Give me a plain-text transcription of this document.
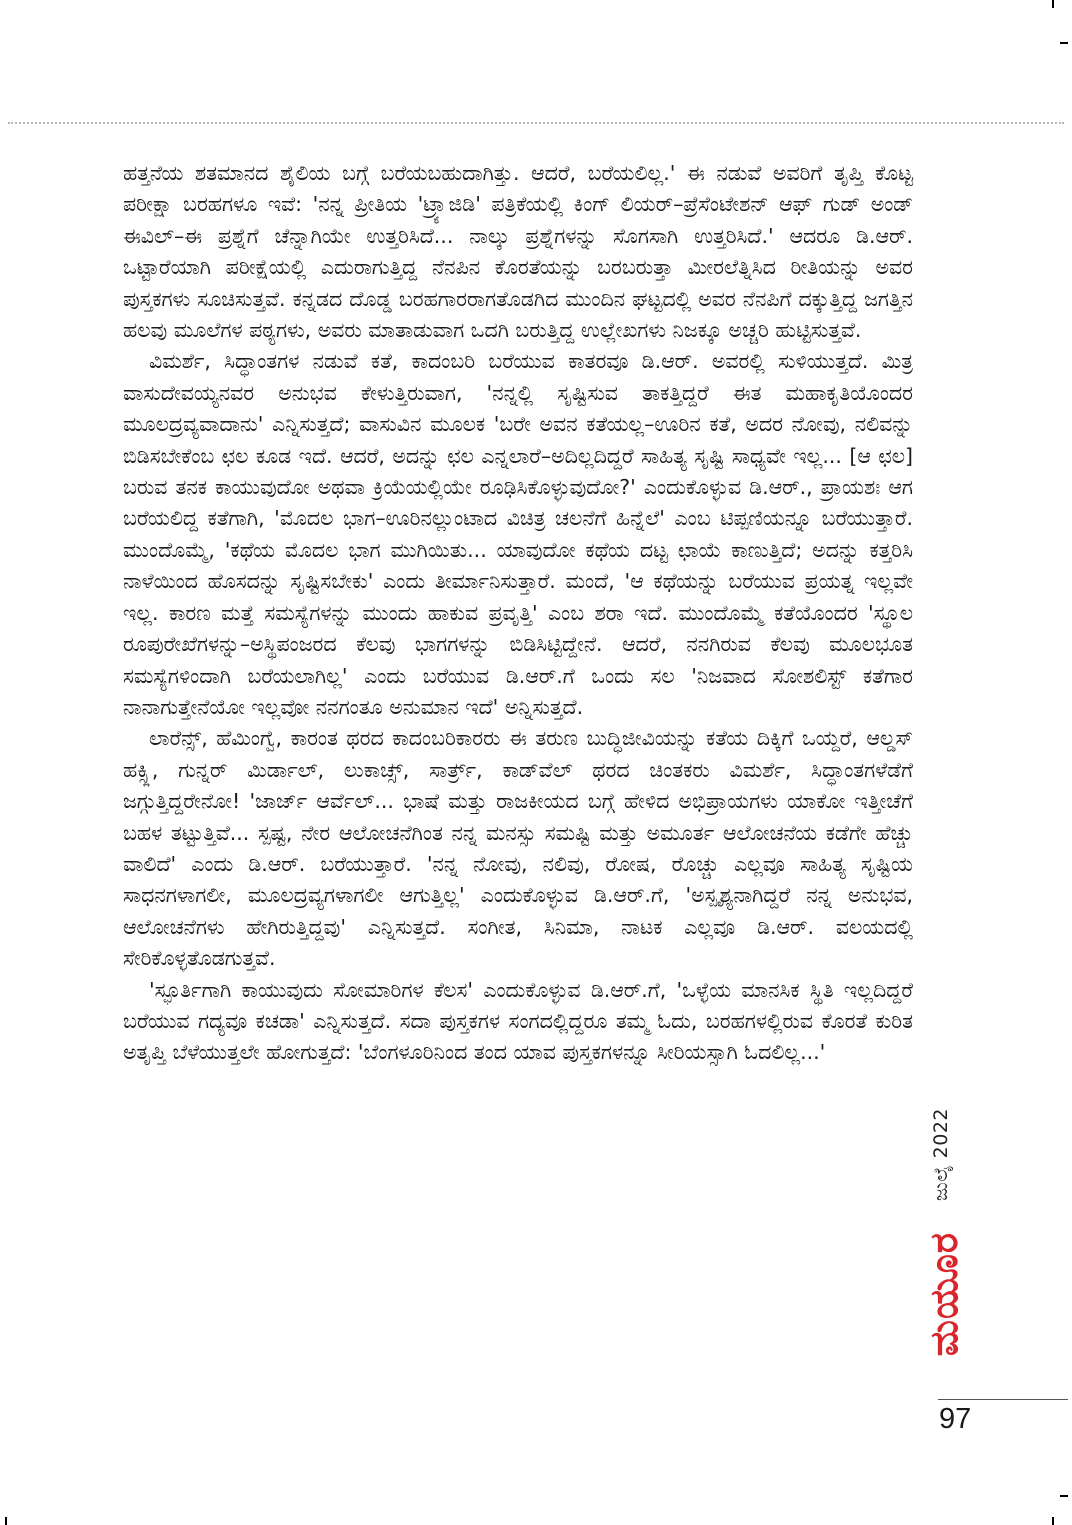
ಹತ್ತನೆಯ ಶತಮಾನದ ಶೈಲಿಯ ಬಗ್ಗೆ ಬರೆಯಬಹುದಾಗಿತ್ತು. ಆದರೆ, ಬರೆಯಲಿಲ್ಲ.' ಈ ನಡುವೆ ಅವರಿಗೆ ತೃಪ್ತಿ ಕೊಟ್ಟ ಪರೀಕ್ಷಾ ಬರಹಗಳೂ ಇವೆ: 'ನನ್ನ ಪ್ರೀತಿಯ 'ಟ್ರ್ಯಾಜಿಡಿ' ಪತ್ರಿಕೆಯಲ್ಲಿ ಕಿಂಗ್ ಲಿಯರ್–ಪ್ರೆಸೆಂಟೇಶನ್ ಆಫ್ ಗುಡ್ ಅಂಡ್ ಈವಿಲ್–ಈ ಪ್ರಶ್ನೆಗೆ ಚೆನ್ನಾಗಿಯೇ ಉತ್ತರಿಸಿದೆ... ನಾಲ್ಕು ಪ್ರಶ್ನೆಗಳನ್ನು ಸೊಗಸಾಗಿ ಉತ್ತರಿಸಿದೆ.' ಆದರೂ ಡಿ.ಆರ್. ಒಟ್ಟಾರೆಯಾಗಿ ಪರೀಕ್ಷೆಯಲ್ಲಿ ಎದುರಾಗುತ್ತಿದ್ದ ನೆನಪಿನ ಕೊರತೆಯನ್ನು ಬರಬರುತ್ತಾ ಮೀರಲೆತ್ನಿಸಿದ ರೀತಿಯನ್ನು ಅವರ ಪುಸ್ತಕಗಳು ಸೂಚಿಸುತ್ತವೆ. ಕನ್ನಡದ ದೊಡ್ಡ ಬರಹಗಾರರಾಗತೊಡಗಿದ ಮುಂದಿನ ಘಟ್ಟದಲ್ಲಿ ಅವರ ನೆನಪಿಗೆ ದಕ್ಕುತ್ತಿದ್ದ ಜಗತ್ತಿನ ಹಲವು ಮೂಲೆಗಳ ಪಠ್ಯಗಳು, ಅವರು ಮಾತಾಡುವಾಗ ಒದಗಿ ಬರುತ್ತಿದ್ದ ಉಲ್ಲೇಖಗಳು ನಿಜಕ್ಕೂ ಅಚ್ಚರಿ ಹುಟ್ಟಿಸುತ್ತವೆ.

ವಿಮರ್ಶೆ, ಸಿದ್ಧಾಂತಗಳ ನಡುವೆ ಕತೆ, ಕಾದಂಬರಿ ಬರೆಯುವ ಕಾತರವೂ ಡಿ.ಆರ್. ಅವರಲ್ಲಿ ಸುಳಿಯುತ್ತದೆ. ಮಿತ್ರ ವಾಸುದೇವಯ್ಯನವರ ಅನುಭವ ಕೇಳುತ್ತಿರುವಾಗ, 'ನನ್ನಲ್ಲಿ ಸೃಷ್ಟಿಸುವ ತಾಕತ್ತಿದ್ದರೆ ಈತ ಮಹಾಕೃತಿಯೊಂದರ ಮೂಲದ್ರವ್ಯವಾದಾನು' ಎನ್ನಿಸುತ್ತದೆ; ವಾಸುವಿನ ಮೂಲಕ 'ಬರೇ ಅವನ ಕತೆಯಲ್ಲ–ಊರಿನ ಕತೆ, ಅದರ ನೋವು, ನಲಿವನ್ನು ಬಿಡಿಸಬೇಕೆಂಬ ಛಲ ಕೂಡ ಇದೆ. ಆದರೆ, ಅದನ್ನು ಛಲ ಎನ್ನಲಾರೆ–ಅದಿಲ್ಲದಿದ್ದರೆ ಸಾಹಿತ್ಯ ಸೃಷ್ಟಿ ಸಾಧ್ಯವೇ ಇಲ್ಲ... [ಆ ಛಲ] ಬರುವ ತನಕ ಕಾಯುವುದೋ ಅಥವಾ ಕ್ರಿಯೆಯಲ್ಲಿಯೇ ರೂಢಿಸಿಕೊಳ್ಳುವುದೋ?' ಎಂದುಕೊಳ್ಳುವ ಡಿ.ಆರ್., ಪ್ರಾಯಶಃ ಆಗ ಬರೆಯಲಿದ್ದ ಕತೆಗಾಗಿ, 'ಮೊದಲ ಭಾಗ–ಊರಿನಲ್ಲುಂಟಾದ ವಿಚಿತ್ರ ಚಲನೆಗೆ ಹಿನ್ನೆಲೆ' ಎಂಬ ಟಿಪ್ಪಣಿಯನ್ನೂ ಬರೆಯುತ್ತಾರೆ. ಮುಂದೊಮ್ಮೆ, 'ಕಥೆಯ ಮೊದಲ ಭಾಗ ಮುಗಿಯಿತು... ಯಾವುದೋ ಕಥೆಯ ದಟ್ಟ ಛಾಯೆ ಕಾಣುತ್ತಿದೆ; ಅದನ್ನು ಕತ್ತರಿಸಿ ನಾಳೆಯಿಂದ ಹೊಸದನ್ನು ಸೃಷ್ಟಿಸಬೇಕು' ಎಂದು ತೀರ್ಮಾನಿಸುತ್ತಾರೆ. ಮಂದೆ, 'ಆ ಕಥೆಯನ್ನು ಬರೆಯುವ ಪ್ರಯತ್ನ ಇಲ್ಲವೇ ಇಲ್ಲ. ಕಾರಣ ಮತ್ತೆ ಸಮಸ್ಯೆಗಳನ್ನು ಮುಂದು ಹಾಕುವ ಪ್ರವೃತ್ತಿ' ಎಂಬ ಶರಾ ಇದೆ. ಮುಂದೊಮ್ಮೆ ಕತೆಯೊಂದರ 'ಸ್ಥೂಲ ರೂಪುರೇಖೆಗಳನ್ನು–ಅಸ್ಥಿಪಂಜರದ ಕೆಲವು ಭಾಗಗಳನ್ನು ಬಿಡಿಸಿಟ್ಟಿದ್ದೇನೆ. ಆದರೆ, ನನಗಿರುವ ಕೆಲವು ಮೂಲಭೂತ ಸಮಸ್ಯೆಗಳಿಂದಾಗಿ ಬರೆಯಲಾಗಿಲ್ಲ' ಎಂದು ಬರೆಯುವ ಡಿ.ಆರ್.ಗೆ ಒಂದು ಸಲ 'ನಿಜವಾದ ಸೋಶಲಿಸ್ಟ್ ಕತೆಗಾರ ನಾನಾಗುತ್ತೇನೆಯೋ ಇಲ್ಲವೋ ನನಗಂತೂ ಅನುಮಾನ ಇದೆ' ಅನ್ನಿಸುತ್ತದೆ.

ಲಾರೆನ್ಸ್, ಹೆಮಿಂಗ್ವೆ, ಕಾರಂತ ಥರದ ಕಾದಂಬರಿಕಾರರು ಈ ತರುಣ ಬುದ್ಧಿಜೀವಿಯನ್ನು ಕತೆಯ ದಿಕ್ಕಿಗೆ ಒಯ್ದರೆ, ಆಲ್ಡಸ್ ಹಕ್ಸ್ಲಿ, ಗುನ್ನರ್ ಮಿರ್ಡಾಲ್, ಲುಕಾಚ್ಸ್, ಸಾರ್ತ್ರ್, ಕಾಡ್‌ವೆಲ್ ಥರದ ಚಿಂತಕರು ವಿಮರ್ಶೆ, ಸಿದ್ಧಾಂತಗಳೆಡೆಗೆ ಜಗ್ಗುತ್ತಿದ್ದರೇನೋ! 'ಜಾರ್ಜ್ ಆರ್ವೆಲ್... ಭಾಷೆ ಮತ್ತು ರಾಜಕೀಯದ ಬಗ್ಗೆ ಹೇಳಿದ ಅಭಿಪ್ರಾಯಗಳು ಯಾಕೋ ಇತ್ತೀಚೆಗೆ ಬಹಳ ತಟ್ಟುತ್ತಿವೆ... ಸ್ಪಷ್ಟ, ನೇರ ಆಲೋಚನೆಗಿಂತ ನನ್ನ ಮನಸ್ಸು ಸಮಷ್ಟಿ ಮತ್ತು ಅಮೂರ್ತ ಆಲೋಚನೆಯ ಕಡೆಗೇ ಹೆಚ್ಚು ವಾಲಿದೆ' ಎಂದು ಡಿ.ಆರ್. ಬರೆಯುತ್ತಾರೆ. 'ನನ್ನ ನೋವು, ನಲಿವು, ರೋಷ, ರೊಚ್ಚು ಎಲ್ಲವೂ ಸಾಹಿತ್ಯ ಸೃಷ್ಟಿಯ ಸಾಧನಗಳಾಗಲೀ, ಮೂಲದ್ರವ್ಯಗಳಾಗಲೀ ಆಗುತ್ತಿಲ್ಲ' ಎಂದುಕೊಳ್ಳುವ ಡಿ.ಆರ್.ಗೆ, 'ಅಸ್ಪೃಶ್ಯನಾಗಿದ್ದರೆ ನನ್ನ ಅನುಭವ, ಆಲೋಚನೆಗಳು ಹೇಗಿರುತ್ತಿದ್ದವು' ಎನ್ನಿಸುತ್ತದೆ. ಸಂಗೀತ, ಸಿನಿಮಾ, ನಾಟಕ ಎಲ್ಲವೂ ಡಿ.ಆರ್. ವಲಯದಲ್ಲಿ ಸೇರಿಕೊಳ್ಳತೊಡಗುತ್ತವೆ.

'ಸ್ಫೂರ್ತಿಗಾಗಿ ಕಾಯುವುದು ಸೋಮಾರಿಗಳ ಕೆಲಸ' ಎಂದುಕೊಳ್ಳುವ ಡಿ.ಆರ್.ಗೆ, 'ಒಳ್ಳೆಯ ಮಾನಸಿಕ ಸ್ಥಿತಿ ಇಲ್ಲದಿದ್ದರೆ ಬರೆಯುವ ಗದ್ಯವೂ ಕಚಡಾ' ಎನ್ನಿಸುತ್ತದೆ. ಸದಾ ಪುಸ್ತಕಗಳ ಸಂಗದಲ್ಲಿದ್ದರೂ ತಮ್ಮ ಓದು, ಬರಹಗಳಲ್ಲಿರುವ ಕೊರತೆ ಕುರಿತ ಅತೃಪ್ತಿ ಬೆಳೆಯುತ್ತಲೇ ಹೋಗುತ್ತದೆ: 'ಬೆಂಗಳೂರಿನಿಂದ ತಂದ ಯಾವ ಪುಸ್ತಕಗಳನ್ನೂ ಸೀರಿಯಸ್ಸಾಗಿ ಓದಲಿಲ್ಲ...'

ಜುಲೈ 2022
ಮಯೂರ
97
